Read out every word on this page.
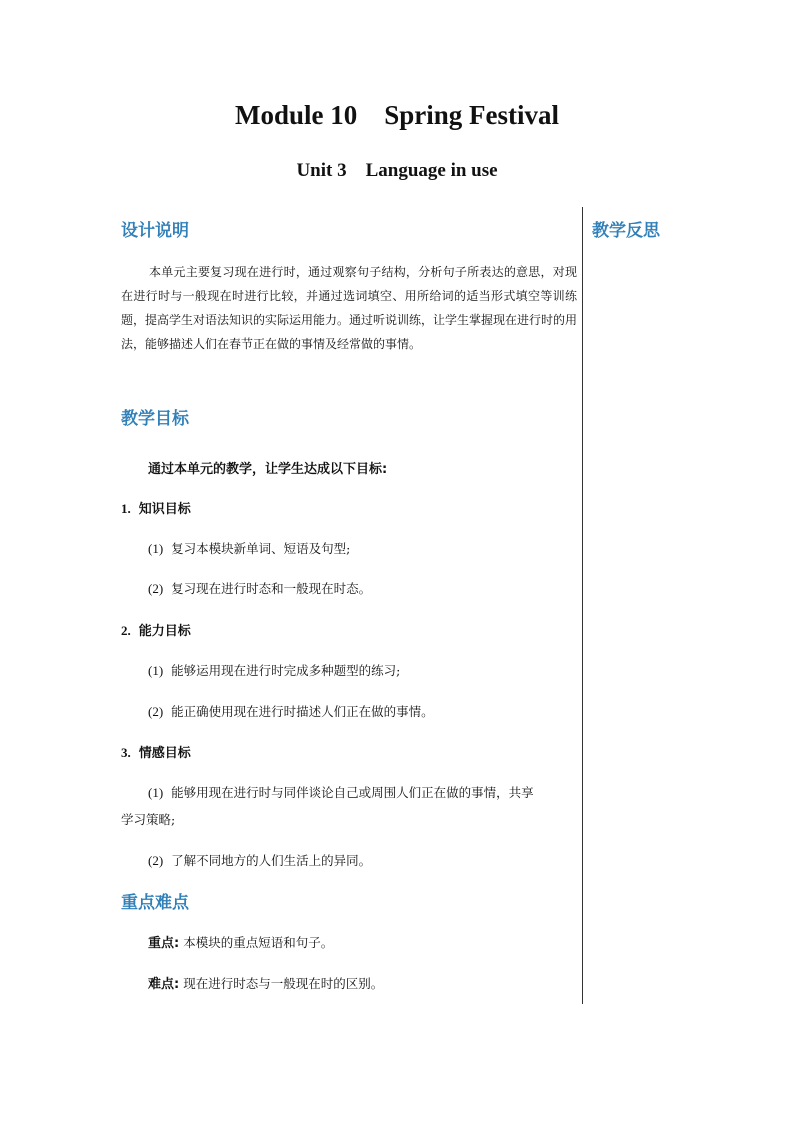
Module 10    Spring Festival
Unit 3    Language in use
设计说明	教学反思
本单元主要复习现在进行时，通过观察句子结构，分析句子所表达的意思，对现在进行时与一般现在时进行比较，并通过选词填空、用所给词的适当形式填空等训练题，提高学生对语法知识的实际运用能力。通过听说训练，让学生掌握现在进行时的用法，能够描述人们在春节正在做的事情及经常做的事情。
教学目标
通过本单元的教学，让学生达成以下目标:
1. 知识目标
(1) 复习本模块新单词、短语及句型;
(2) 复习现在进行时态和一般现在时态。
2. 能力目标
(1) 能够运用现在进行时完成多种题型的练习;
(2) 能正确使用现在进行时描述人们正在做的事情。
3. 情感目标
(1) 能够用现在进行时与同伴谈论自己或周围人们正在做的事情，共享
学习策略;
(2) 了解不同地方的人们生活上的异同。
重点难点
重点: 本模块的重点短语和句子。
难点: 现在进行时态与一般现在时的区别。
